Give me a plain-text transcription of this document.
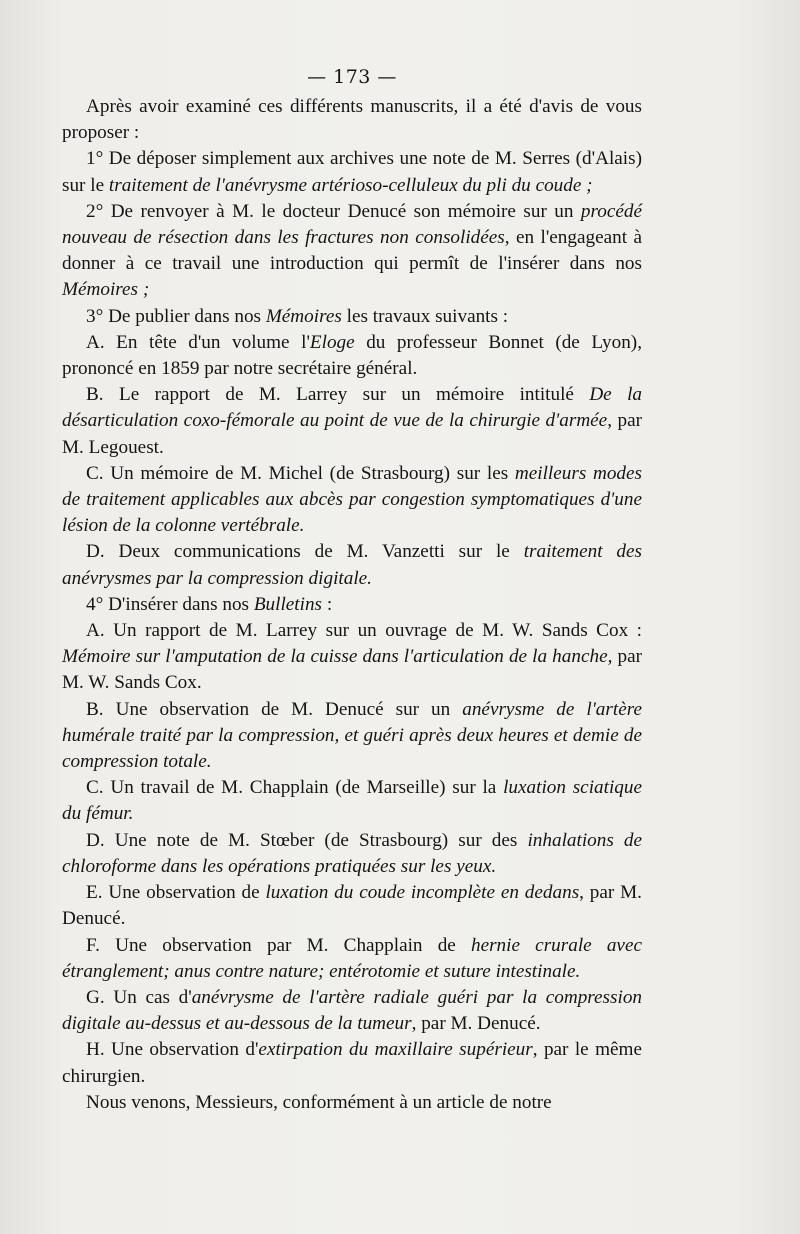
— 173 —

Après avoir examiné ces différents manuscrits, il a été d'avis de vous proposer :

1° De déposer simplement aux archives une note de M. Serres (d'Alais) sur le traitement de l'anévrysme artérioso-celluleux du pli du coude ;

2° De renvoyer à M. le docteur Denucé son mémoire sur un procédé nouveau de résection dans les fractures non consolidées, en l'engageant à donner à ce travail une introduction qui permît de l'insérer dans nos Mémoires ;

3° De publier dans nos Mémoires les travaux suivants :

A. En tête d'un volume l'Eloge du professeur Bonnet (de Lyon), prononcé en 1859 par notre secrétaire général.

B. Le rapport de M. Larrey sur un mémoire intitulé De la désarticulation coxo-fémorale au point de vue de la chirurgie d'armée, par M. Legouest.

C. Un mémoire de M. Michel (de Strasbourg) sur les meilleurs modes de traitement applicables aux abcès par congestion symptomatiques d'une lésion de la colonne vertébrale.

D. Deux communications de M. Vanzetti sur le traitement des anévrysmes par la compression digitale.

4° D'insérer dans nos Bulletins :

A. Un rapport de M. Larrey sur un ouvrage de M. W. Sands Cox : Mémoire sur l'amputation de la cuisse dans l'articulation de la hanche, par M. W. Sands Cox.

B. Une observation de M. Denucé sur un anévrysme de l'artère humérale traité par la compression, et guéri après deux heures et demie de compression totale.

C. Un travail de M. Chapplain (de Marseille) sur la luxation sciatique du fémur.

D. Une note de M. Stœber (de Strasbourg) sur des inhalations de chloroforme dans les opérations pratiquées sur les yeux.

E. Une observation de luxation du coude incomplète en dedans, par M. Denucé.

F. Une observation par M. Chapplain de hernie crurale avec étranglement; anus contre nature; entérotomie et suture intestinale.

G. Un cas d'anévrysme de l'artère radiale guéri par la compression digitale au-dessus et au-dessous de la tumeur, par M. Denucé.

H. Une observation d'extirpation du maxillaire supérieur, par le même chirurgien.

Nous venons, Messieurs, conformément à un article de notre
